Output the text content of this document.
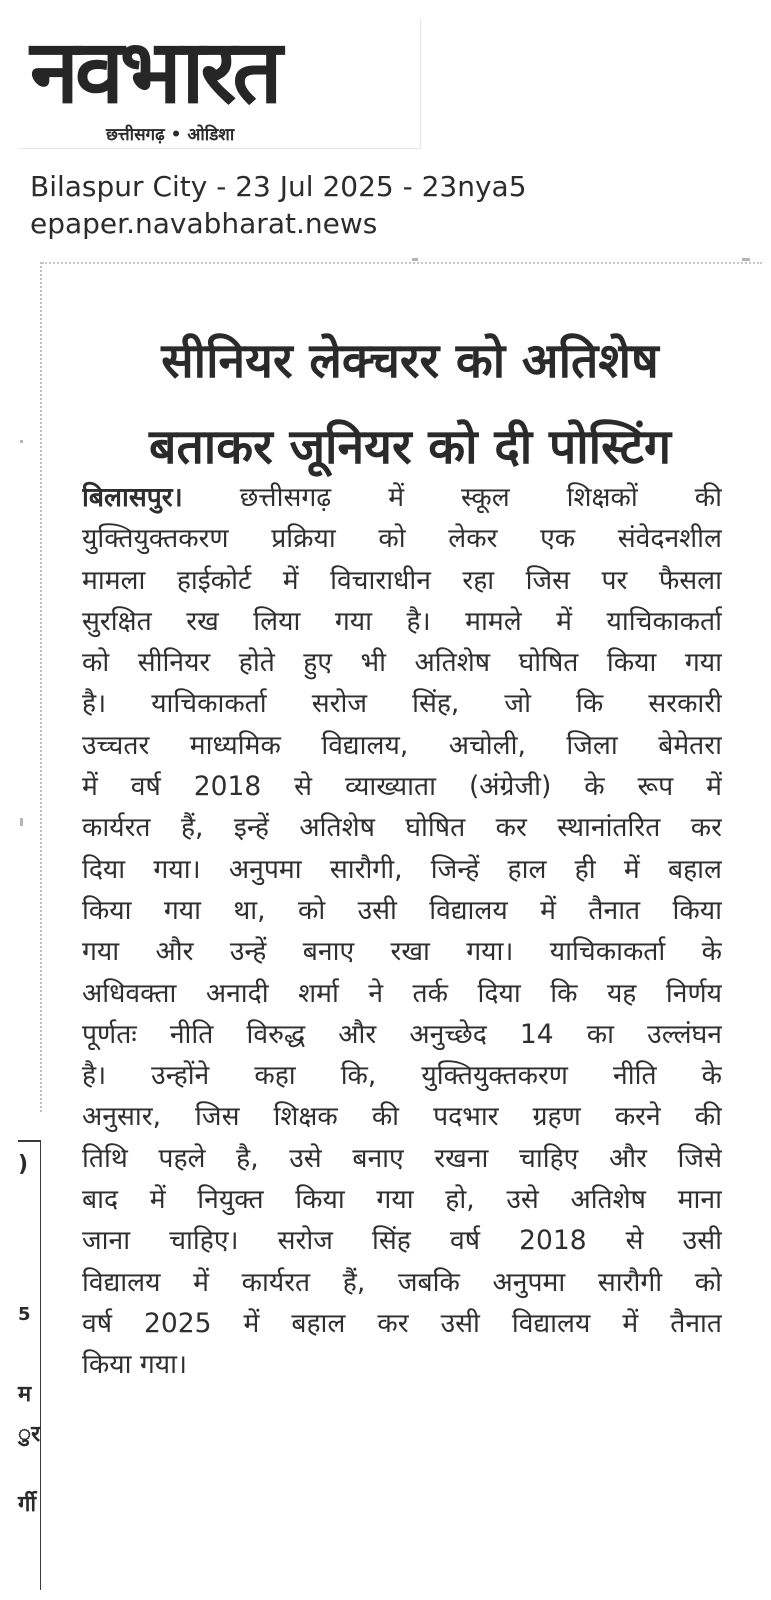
नवभारत
छत्तीसगढ़ • ओडिशा
Bilaspur City - 23 Jul 2025 - 23nya5
epaper.navabharat.news
)
5
म
ुर
र्गी
सीनियर लेक्चरर को अतिशेष
बताकर जूनियर को दी पोस्टिंग
बिलासपुर। छत्तीसगढ़ में स्कूल शिक्षकों की
युक्तियुक्तकरण प्रक्रिया को लेकर एक संवेदनशील
मामला हाईकोर्ट में विचाराधीन रहा जिस पर फैसला
सुरक्षित रख लिया गया है। मामले में याचिकाकर्ता
को सीनियर होते हुए भी अतिशेष घोषित किया गया
है। याचिकाकर्ता सरोज सिंह, जो कि सरकारी
उच्चतर माध्यमिक विद्यालय, अचोली, जिला बेमेतरा
में वर्ष 2018 से व्याख्याता (अंग्रेजी) के रूप में
कार्यरत हैं, इन्हें अतिशेष घोषित कर स्थानांतरित कर
दिया गया। अनुपमा सारौगी, जिन्हें हाल ही में बहाल
किया गया था, को उसी विद्यालय में तैनात किया
गया और उन्हें बनाए रखा गया। याचिकाकर्ता के
अधिवक्ता अनादी शर्मा ने तर्क दिया कि यह निर्णय
पूर्णतः नीति विरुद्ध और अनुच्छेद 14 का उल्लंघन
है। उन्होंने कहा कि, युक्तियुक्तकरण नीति के
अनुसार, जिस शिक्षक की पदभार ग्रहण करने की
तिथि पहले है, उसे बनाए रखना चाहिए और जिसे
बाद में नियुक्त किया गया हो, उसे अतिशेष माना
जाना चाहिए। सरोज सिंह वर्ष 2018 से उसी
विद्यालय में कार्यरत हैं, जबकि अनुपमा सारौगी को
वर्ष 2025 में बहाल कर उसी विद्यालय में तैनात
किया गया।
